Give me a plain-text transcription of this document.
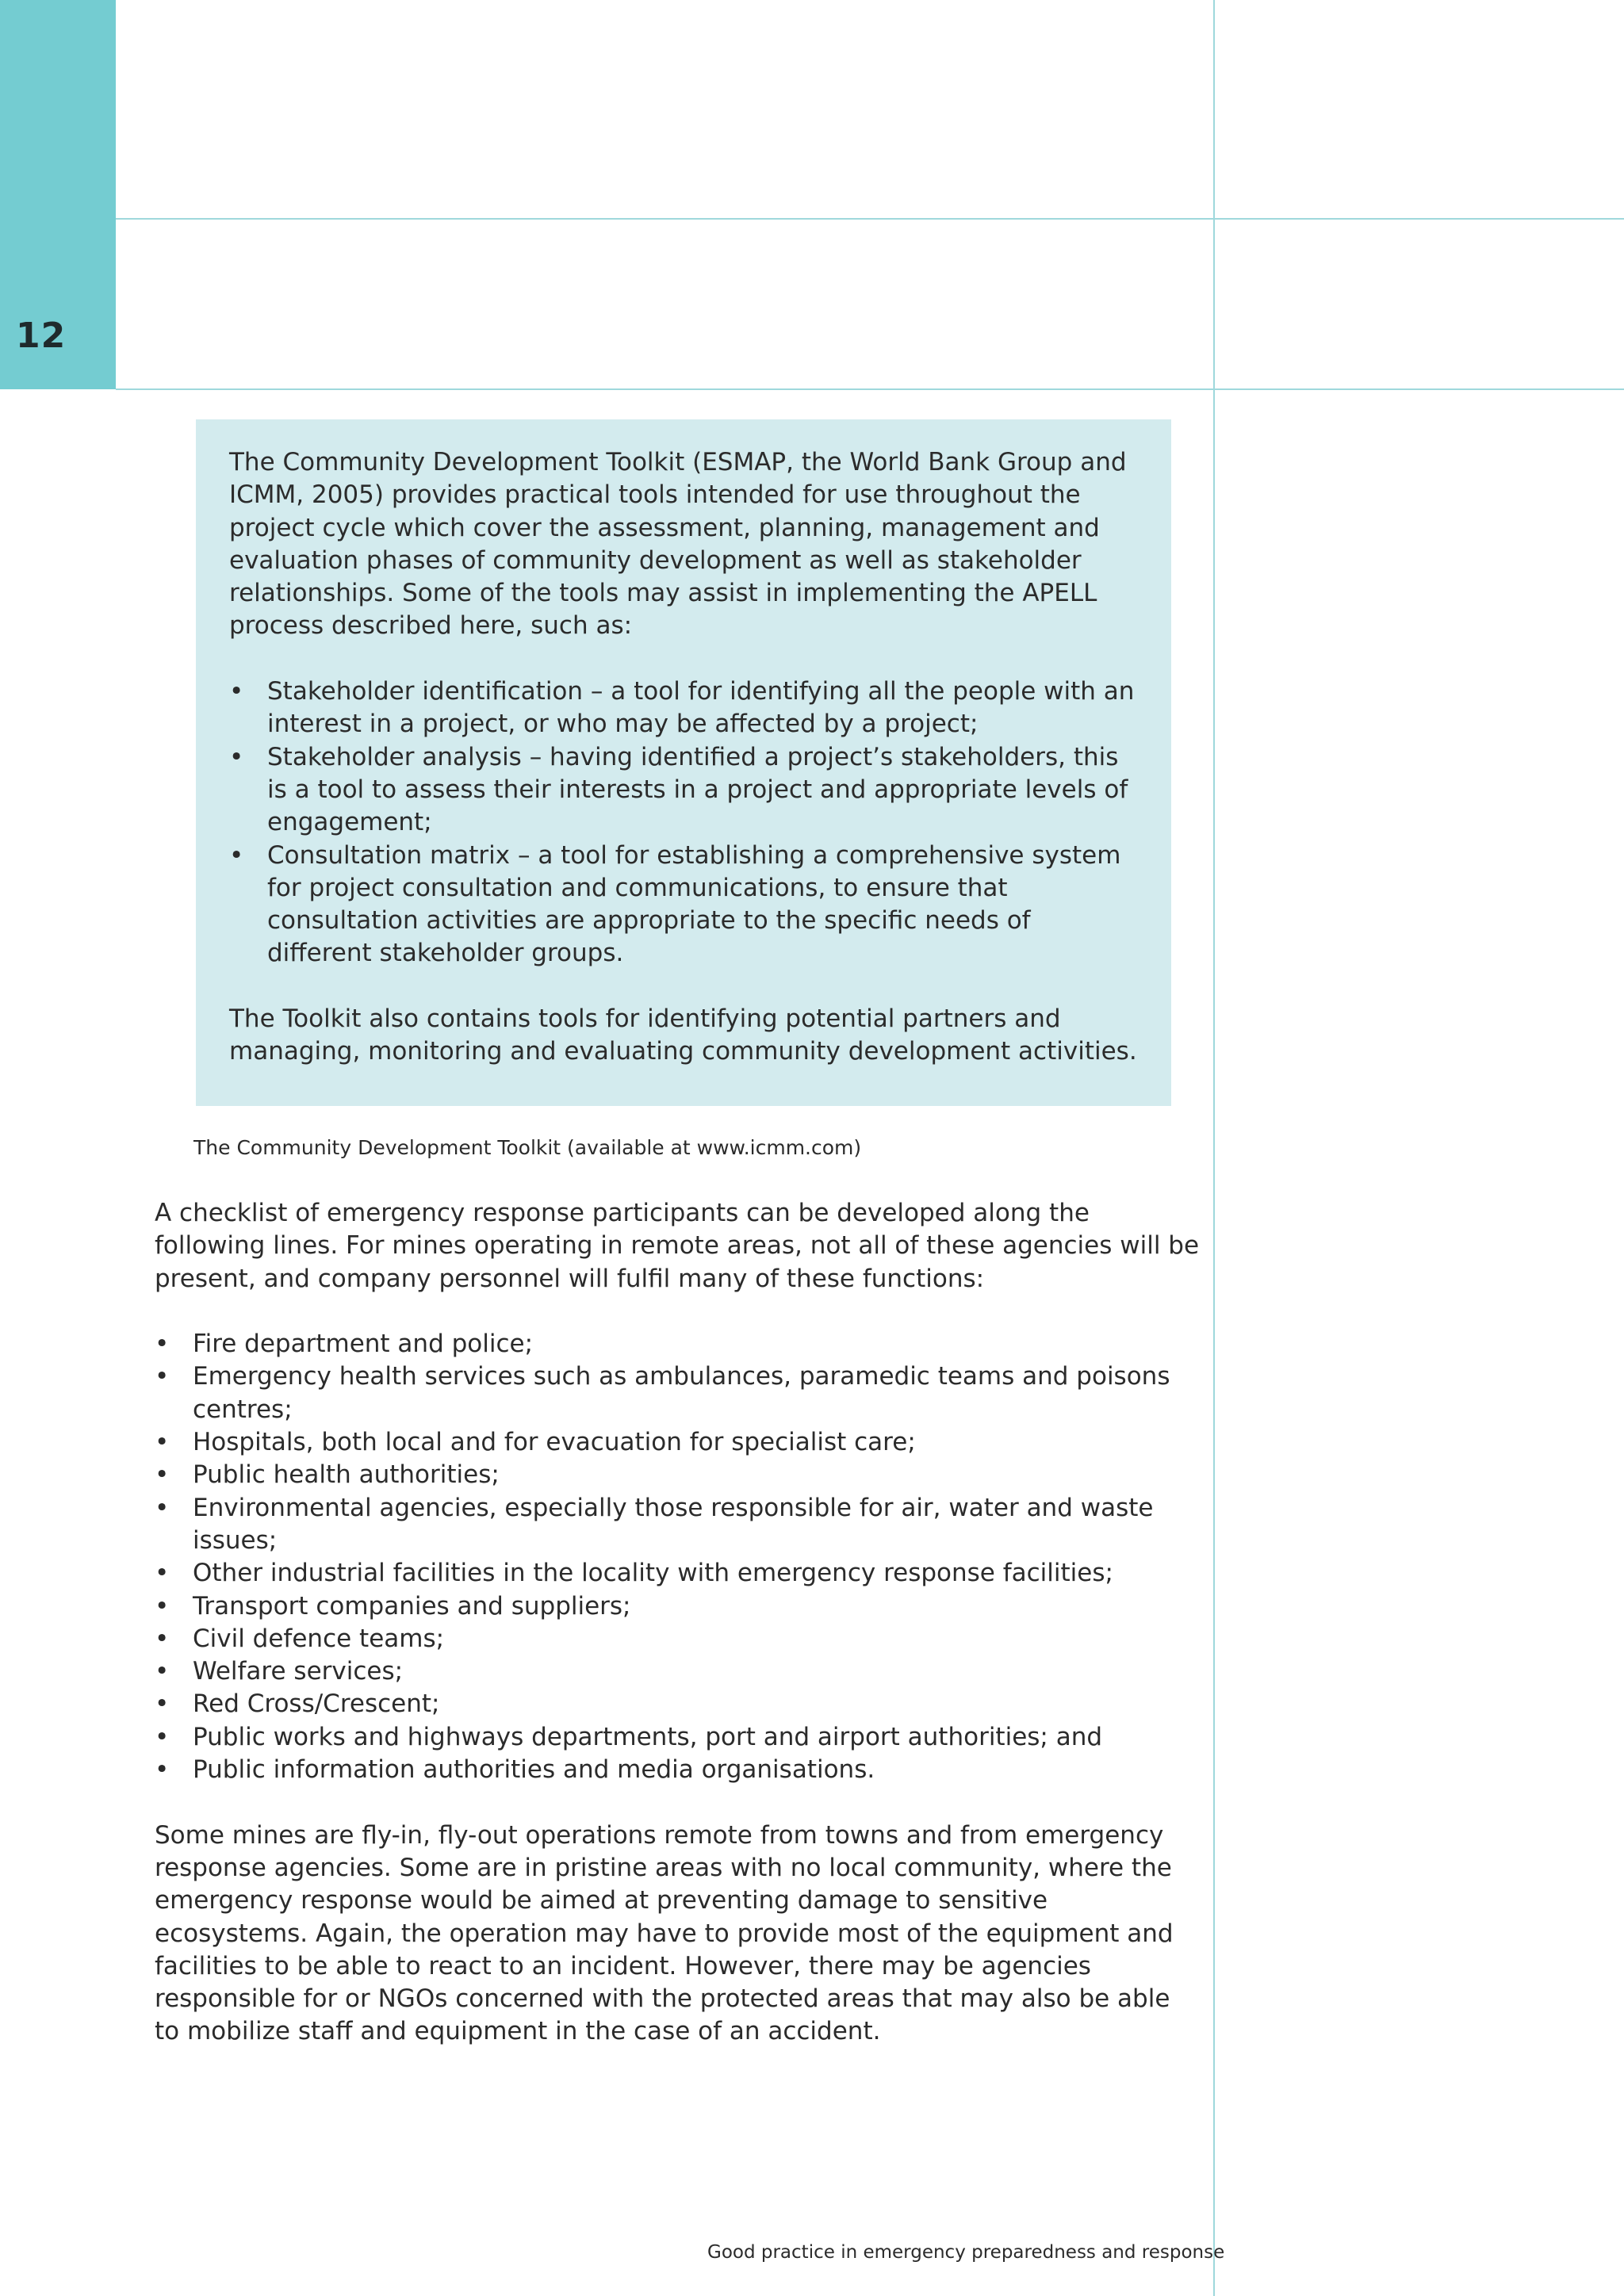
12

The Community Development Toolkit (ESMAP, the World Bank Group and ICMM, 2005) provides practical tools intended for use throughout the project cycle which cover the assessment, planning, management and evaluation phases of community development as well as stakeholder relationships. Some of the tools may assist in implementing the APELL process described here, such as:

• Stakeholder identification – a tool for identifying all the people with an interest in a project, or who may be affected by a project;
• Stakeholder analysis – having identified a project’s stakeholders, this is a tool to assess their interests in a project and appropriate levels of engagement;
• Consultation matrix – a tool for establishing a comprehensive system for project consultation and communications, to ensure that consultation activities are appropriate to the specific needs of different stakeholder groups.

The Toolkit also contains tools for identifying potential partners and managing, monitoring and evaluating community development activities.

The Community Development Toolkit (available at www.icmm.com)

A checklist of emergency response participants can be developed along the following lines. For mines operating in remote areas, not all of these agencies will be present, and company personnel will fulfil many of these functions:

• Fire department and police;
• Emergency health services such as ambulances, paramedic teams and poisons centres;
• Hospitals, both local and for evacuation for specialist care;
• Public health authorities;
• Environmental agencies, especially those responsible for air, water and waste issues;
• Other industrial facilities in the locality with emergency response facilities;
• Transport companies and suppliers;
• Civil defence teams;
• Welfare services;
• Red Cross/Crescent;
• Public works and highways departments, port and airport authorities; and
• Public information authorities and media organisations.

Some mines are fly-in, fly-out operations remote from towns and from emergency response agencies. Some are in pristine areas with no local community, where the emergency response would be aimed at preventing damage to sensitive ecosystems. Again, the operation may have to provide most of the equipment and facilities to be able to react to an incident. However, there may be agencies responsible for or NGOs concerned with the protected areas that may also be able to mobilize staff and equipment in the case of an accident.

Good practice in emergency preparedness and response
